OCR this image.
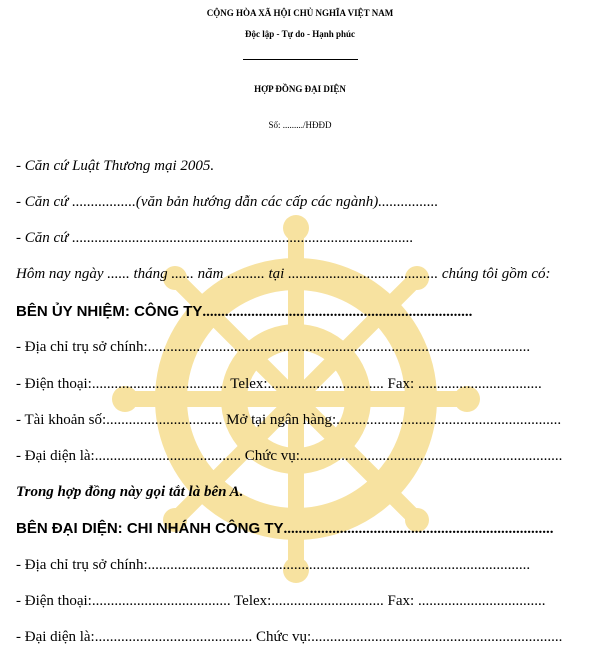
CỘNG HÒA XÃ HỘI CHỦ NGHĨA VIỆT NAM
Độc lập - Tự do - Hạnh phúc
HỢP ĐỒNG ĐẠI DIỆN
Số: ........./HĐĐD
- Căn cứ Luật Thương mại 2005.
- Căn cứ .................(văn bản hướng dẫn các cấp các ngành)................
- Căn cứ ...........................................................................................
Hôm nay ngày ...... tháng ...... năm .......... tại ........................................ chúng tôi gồm có:
BÊN ỦY NHIỆM: CÔNG TY........................................................................
- Địa chỉ trụ sở chính:......................................................................................................
- Điện thoại:.................................... Telex:............................... Fax: .................................
- Tài khoản số:............................... Mở tại ngân hàng:............................................................
- Đại diện là:....................................... Chức vụ:......................................................................
Trong hợp đồng này gọi tắt là bên A.
BÊN ĐẠI DIỆN: CHI NHÁNH CÔNG TY........................................................................
- Địa chỉ trụ sở chính:......................................................................................................
- Điện thoại:..................................... Telex:.............................. Fax: ..................................
- Đại diện là:.......................................... Chức vụ:...................................................................
